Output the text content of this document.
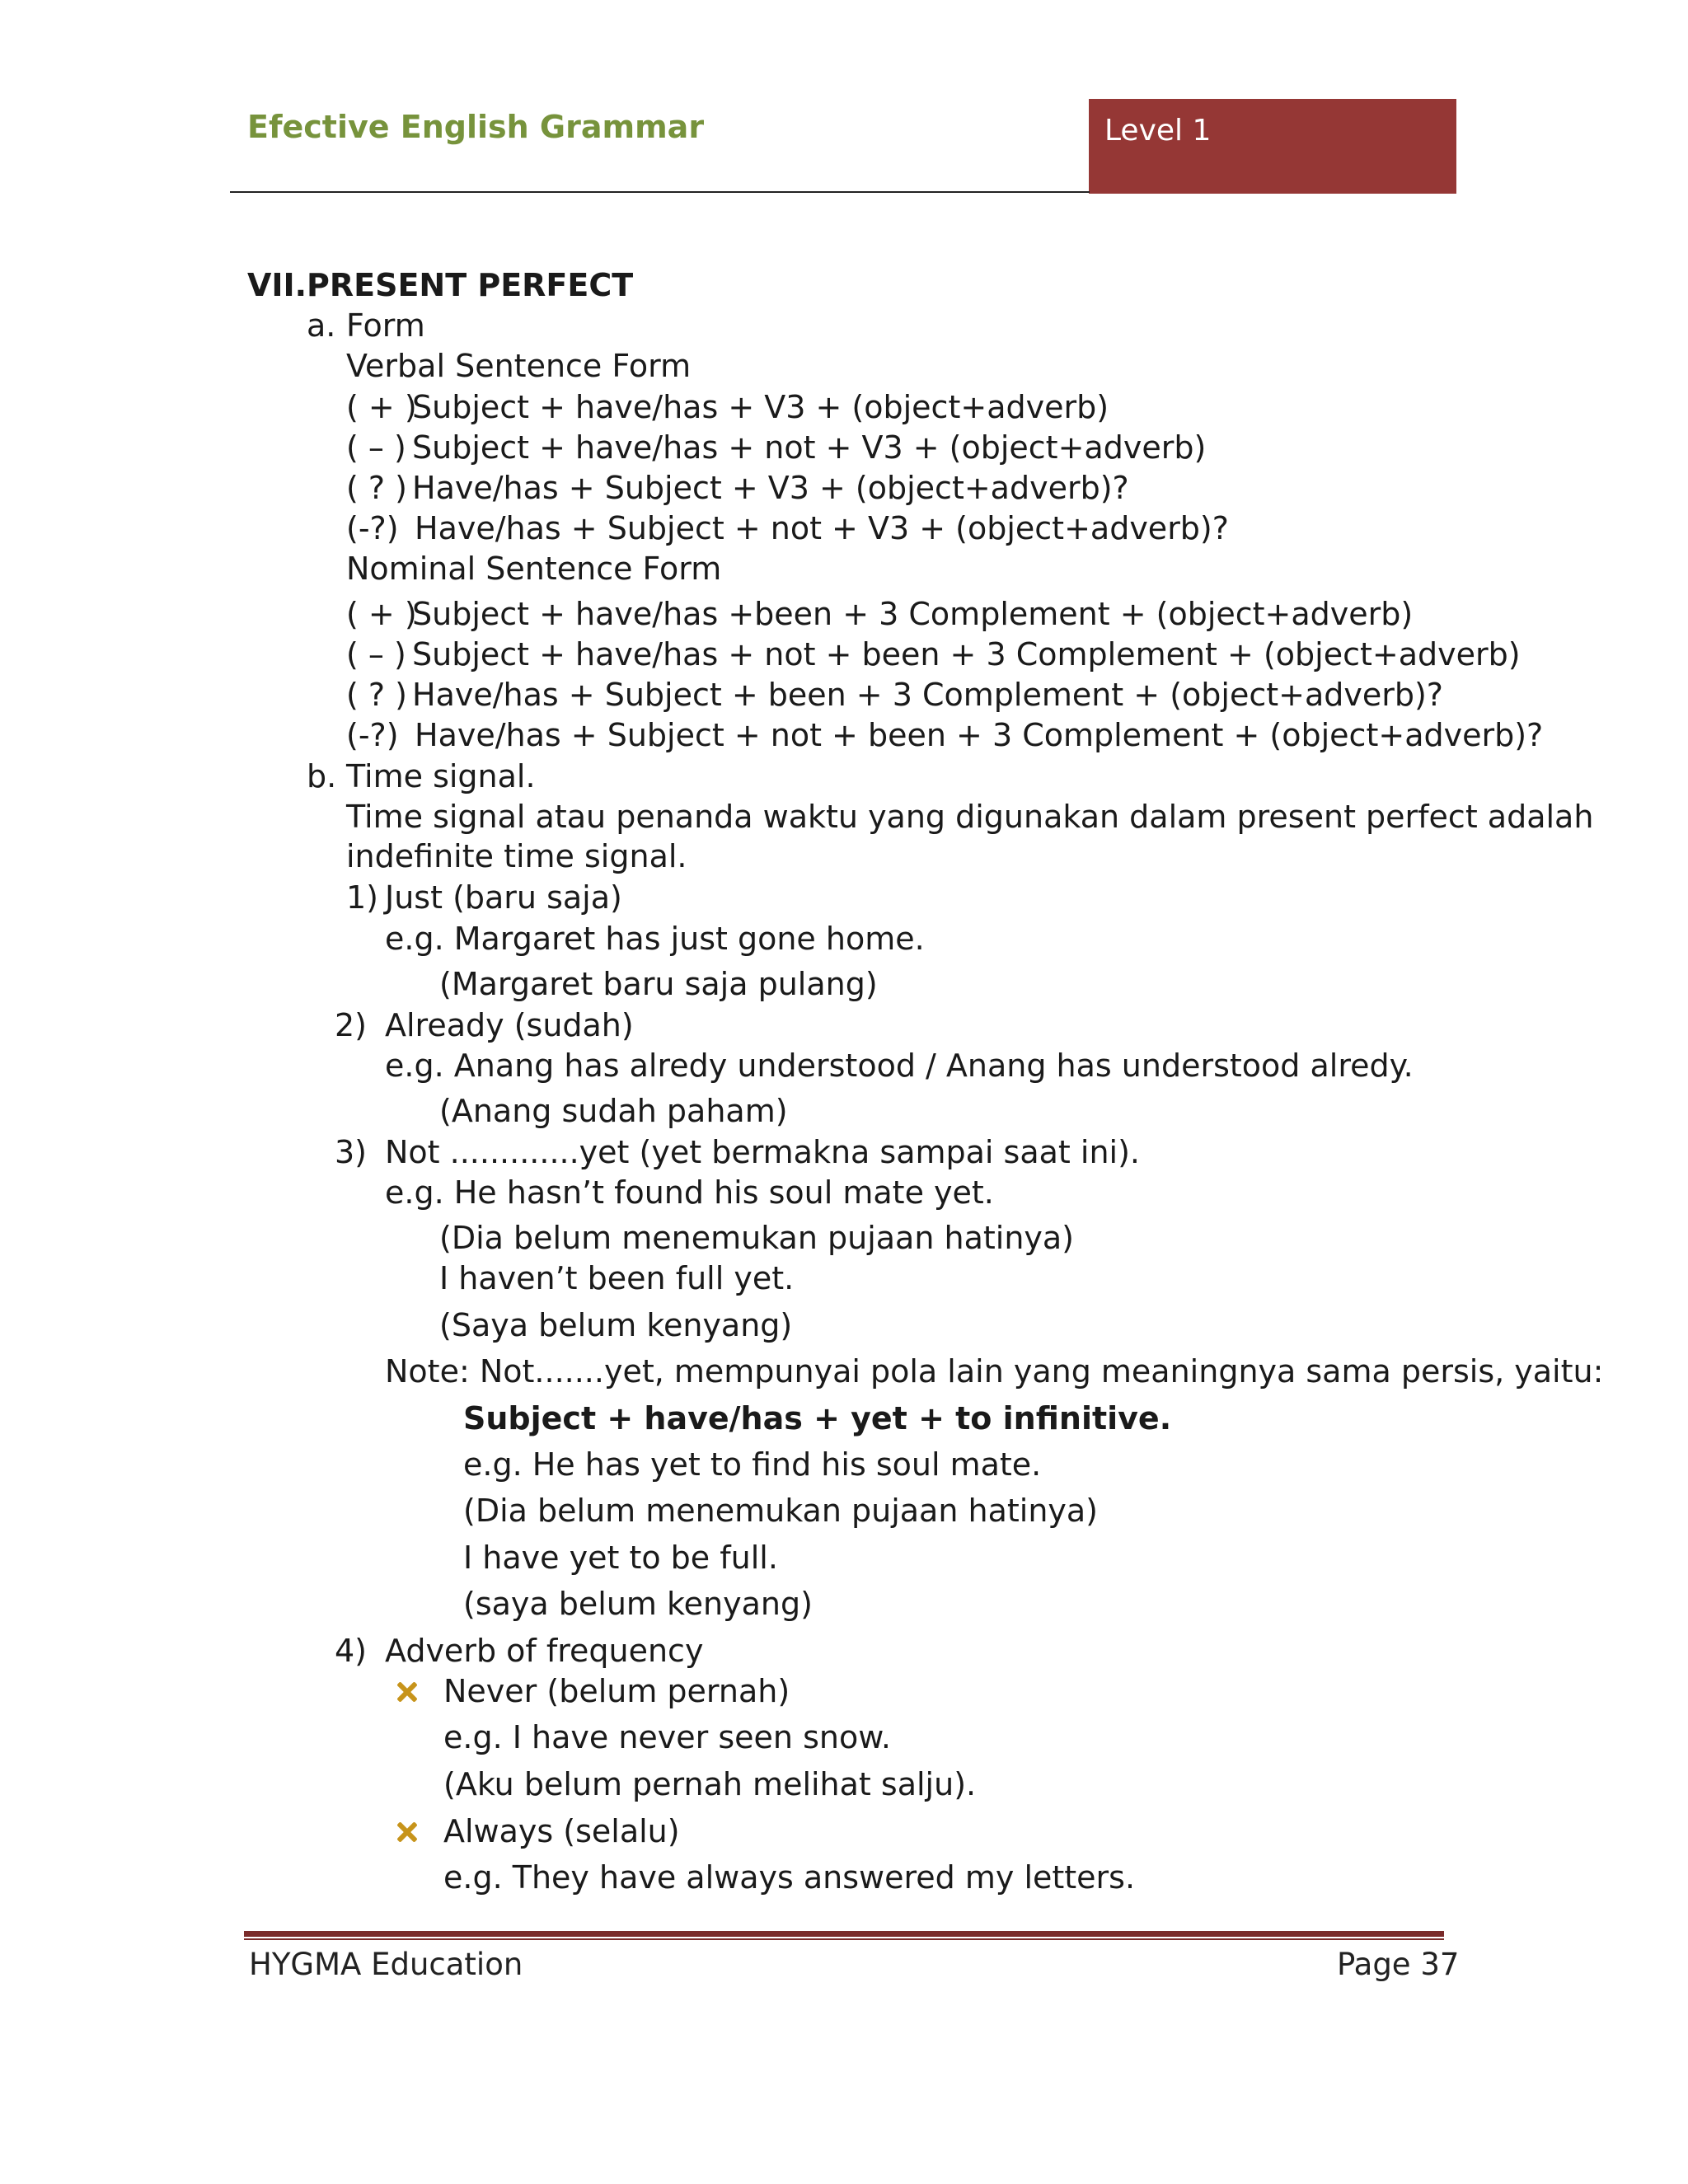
Efective English Grammar	Level 1
VII. PRESENT PERFECT
a. Form
Verbal Sentence Form
( + )
Subject + have/has + V3 + (object+adverb)
( – ) Subject + have/has + not + V3 + (object+adverb)
( ? ) Have/has + Subject + V3 + (object+adverb)?
(-?) Have/has + Subject + not + V3 + (object+adverb)?
Nominal Sentence Form
( + )
Subject + have/has +been + 3 Complement + (object+adverb)
( – ) Subject + have/has + not + been + 3 Complement + (object+adverb)
( ? ) Have/has + Subject + been + 3 Complement + (object+adverb)?
(-?) Have/has + Subject + not + been + 3 Complement + (object+adverb)?
b. Time signal.
Time signal atau penanda waktu yang digunakan dalam present perfect adalah
indefinite time signal.
1) Just (baru saja)
e.g. Margaret has just gone home.
(Margaret baru saja pulang)
2) Already (sudah)
e.g. Anang has alredy understood / Anang has understood alredy.
(Anang sudah paham)
3) Not .............yet (yet bermakna sampai saat ini).
e.g. He hasn’t found his soul mate yet.
(Dia belum menemukan pujaan hatinya)
I haven’t been full yet.
(Saya belum kenyang)
Note: Not.......yet, mempunyai pola lain yang meaningnya sama persis, yaitu:
Subject + have/has + yet + to infinitive.
e.g. He has yet to find his soul mate.
(Dia belum menemukan pujaan hatinya)
I have yet to be full.
(saya belum kenyang)
4) Adverb of frequency
Never (belum pernah)
e.g. I have never seen snow.
(Aku belum pernah melihat salju).
Always (selalu)
e.g. They have always answered my letters.
HYGMA Education	Page 37
